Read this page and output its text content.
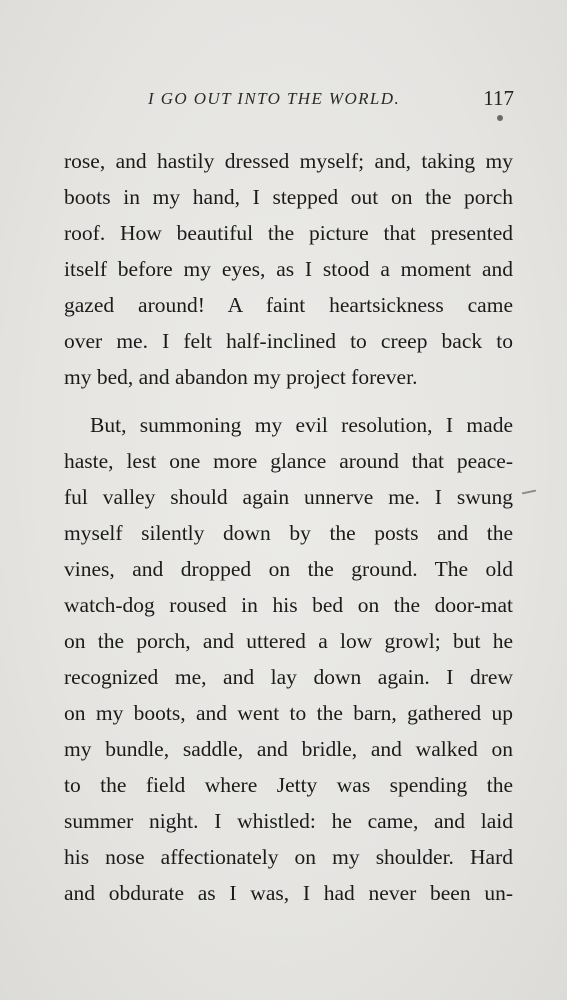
I GO OUT INTO THE WORLD.	117
rose, and hastily dressed myself; and, taking my
boots in my hand, I stepped out on the porch
roof. How beautiful the picture that presented
itself before my eyes, as I stood a moment and
gazed around! A faint heartsickness came
over me. I felt half-inclined to creep back to
my bed, and abandon my project forever.
But, summoning my evil resolution, I made
haste, lest one more glance around that peace-
ful valley should again unnerve me. I swung
myself silently down by the posts and the
vines, and dropped on the ground. The old
watch-dog roused in his bed on the door-mat
on the porch, and uttered a low growl; but he
recognized me, and lay down again. I drew
on my boots, and went to the barn, gathered up
my bundle, saddle, and bridle, and walked on
to the field where Jetty was spending the
summer night. I whistled: he came, and laid
his nose affectionately on my shoulder. Hard
and obdurate as I was, I had never been un-
